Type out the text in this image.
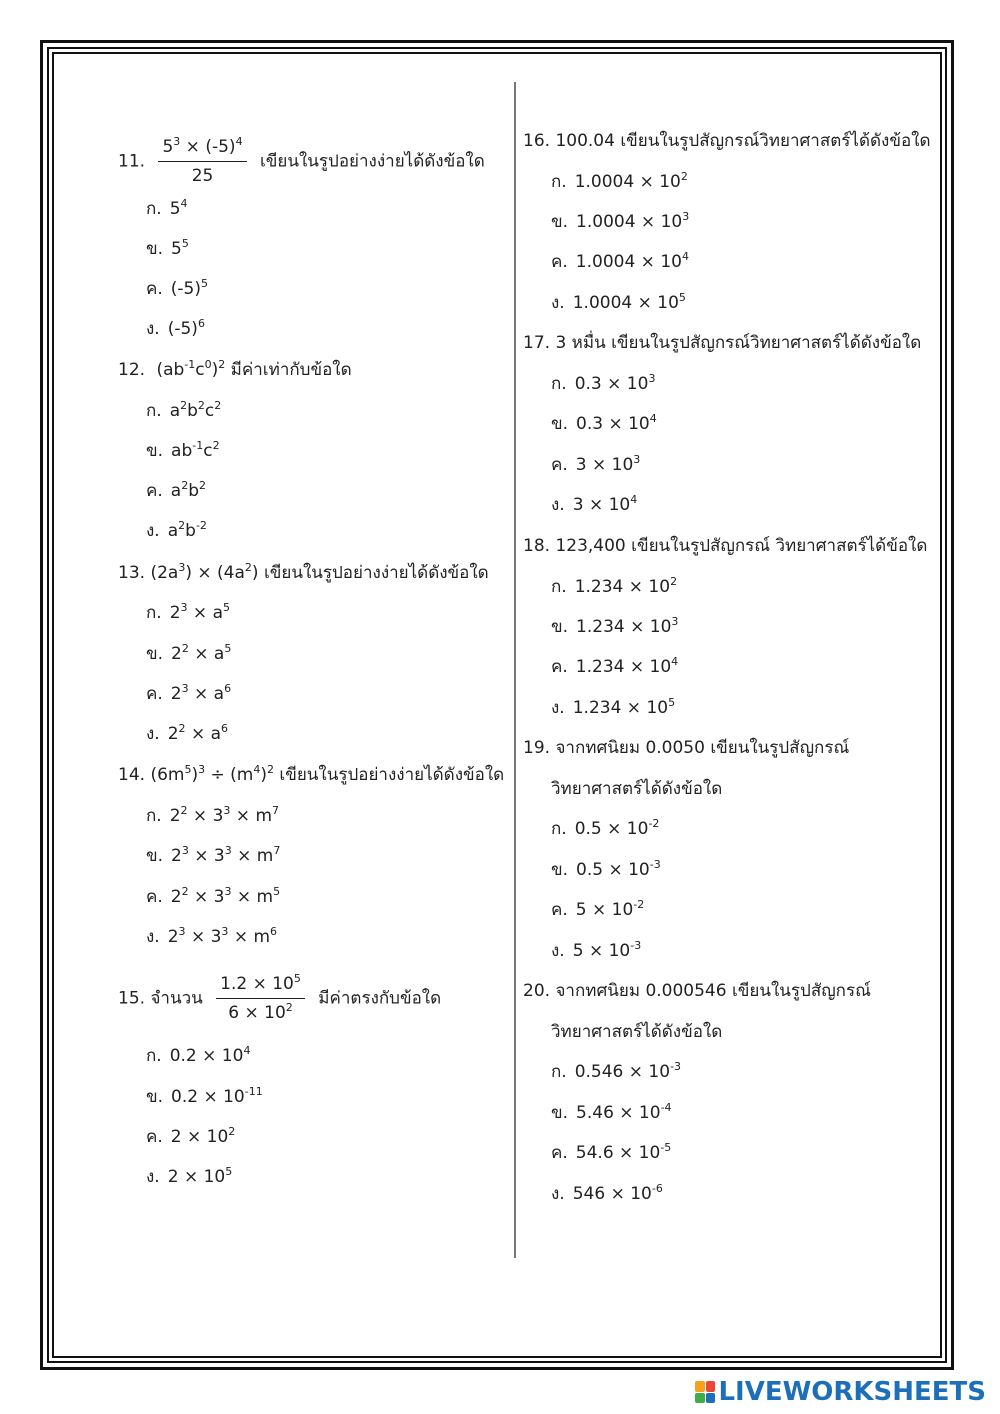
11. $\frac{5^3 \times (-5)^4}{25}$ เขียนในรูปอย่างง่ายได้ดังข้อใด
ก. $5^4$
ข. $5^5$
ค. $(-5)^5$
ง. $(-5)^6$
12. $(ab^{-1}c^0)^2$ มีค่าเท่ากับข้อใด
ก. $a^2b^2c^2$
ข. $ab^{-1}c^2$
ค. $a^2b^2$
ง. $a^2b^{-2}$
13. $(2a^3) \times (4a^2)$ เขียนในรูปอย่างง่ายได้ดังข้อใด
ก. $2^3 \times a^5$
ข. $2^2 \times a^5$
ค. $2^3 \times a^6$
ง. $2^2 \times a^6$
14. $(6m^5)^3 \div (m^4)^2$ เขียนในรูปอย่างง่ายได้ดังข้อใด
ก. $2^2 \times 3^3 \times m^7$
ข. $2^3 \times 3^3 \times m^7$
ค. $2^2 \times 3^3 \times m^5$
ง. $2^3 \times 3^3 \times m^6$
15. จำนวน $\frac{1.2 \times 10^5}{6 \times 10^2}$ มีค่าตรงกับข้อใด
ก. $0.2 \times 10^4$
ข. $0.2 \times 10^{-11}$
ค. $2 \times 10^2$
ง. $2 \times 10^5$
16. 100.04 เขียนในรูปสัญกรณ์วิทยาศาสตร์ได้ดังข้อใด
ก. $1.0004 \times 10^2$
ข. $1.0004 \times 10^3$
ค. $1.0004 \times 10^4$
ง. $1.0004 \times 10^5$
17. 3 หมื่น เขียนในรูปสัญกรณ์วิทยาศาสตร์ได้ดังข้อใด
ก. $0.3 \times 10^3$
ข. $0.3 \times 10^4$
ค. $3 \times 10^3$
ง. $3 \times 10^4$
18. 123,400 เขียนในรูปสัญกรณ์ วิทยาศาสตร์ได้ข้อใด
ก. $1.234 \times 10^2$
ข. $1.234 \times 10^3$
ค. $1.234 \times 10^4$
ง. $1.234 \times 10^5$
19. จากทศนิยม 0.0050 เขียนในรูปสัญกรณ์
วิทยาศาสตร์ได้ดังข้อใด
ก. $0.5 \times 10^{-2}$
ข. $0.5 \times 10^{-3}$
ค. $5 \times 10^{-2}$
ง. $5 \times 10^{-3}$
20. จากทศนิยม 0.000546 เขียนในรูปสัญกรณ์
วิทยาศาสตร์ได้ดังข้อใด
ก. $0.546 \times 10^{-3}$
ข. $5.46 \times 10^{-4}$
ค. $54.6 \times 10^{-5}$
ง. $546 \times 10^{-6}$
LIVEWORKSHEETS
